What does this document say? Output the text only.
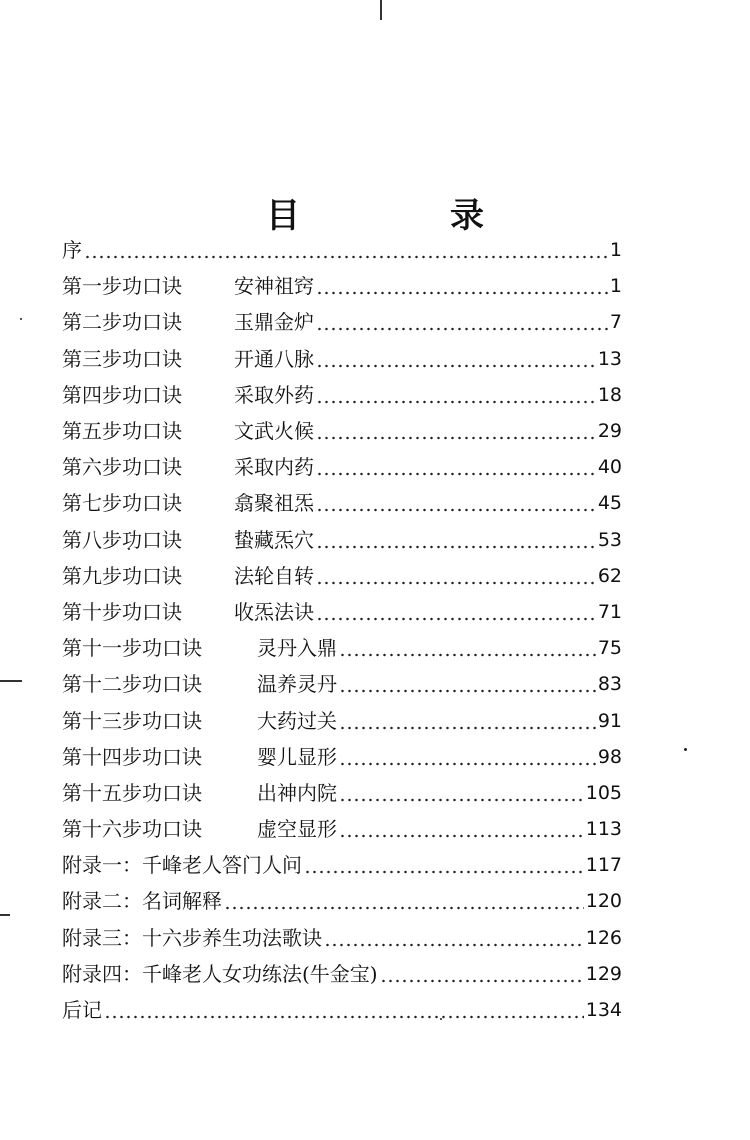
目　录
序	1
第一步功口诀	安神祖窍	1
第二步功口诀	玉鼎金炉	7
第三步功口诀	开通八脉	13
第四步功口诀	采取外药	18
第五步功口诀	文武火候	29
第六步功口诀	采取内药	40
第七步功口诀	翕聚祖炁	45
第八步功口诀	蛰藏炁穴	53
第九步功口诀	法轮自转	62
第十步功口诀	收炁法诀	71
第十一步功口诀	灵丹入鼎	75
第十二步功口诀	温养灵丹	83
第十三步功口诀	大药过关	91
第十四步功口诀	婴儿显形	98
第十五步功口诀	出神内院	105
第十六步功口诀	虚空显形	113
附录一：千峰老人答门人问	117
附录二：名词解释	120
附录三：十六步养生功法歌诀	126
附录四：千峰老人女功练法(牛金宝)	129
后记	134
